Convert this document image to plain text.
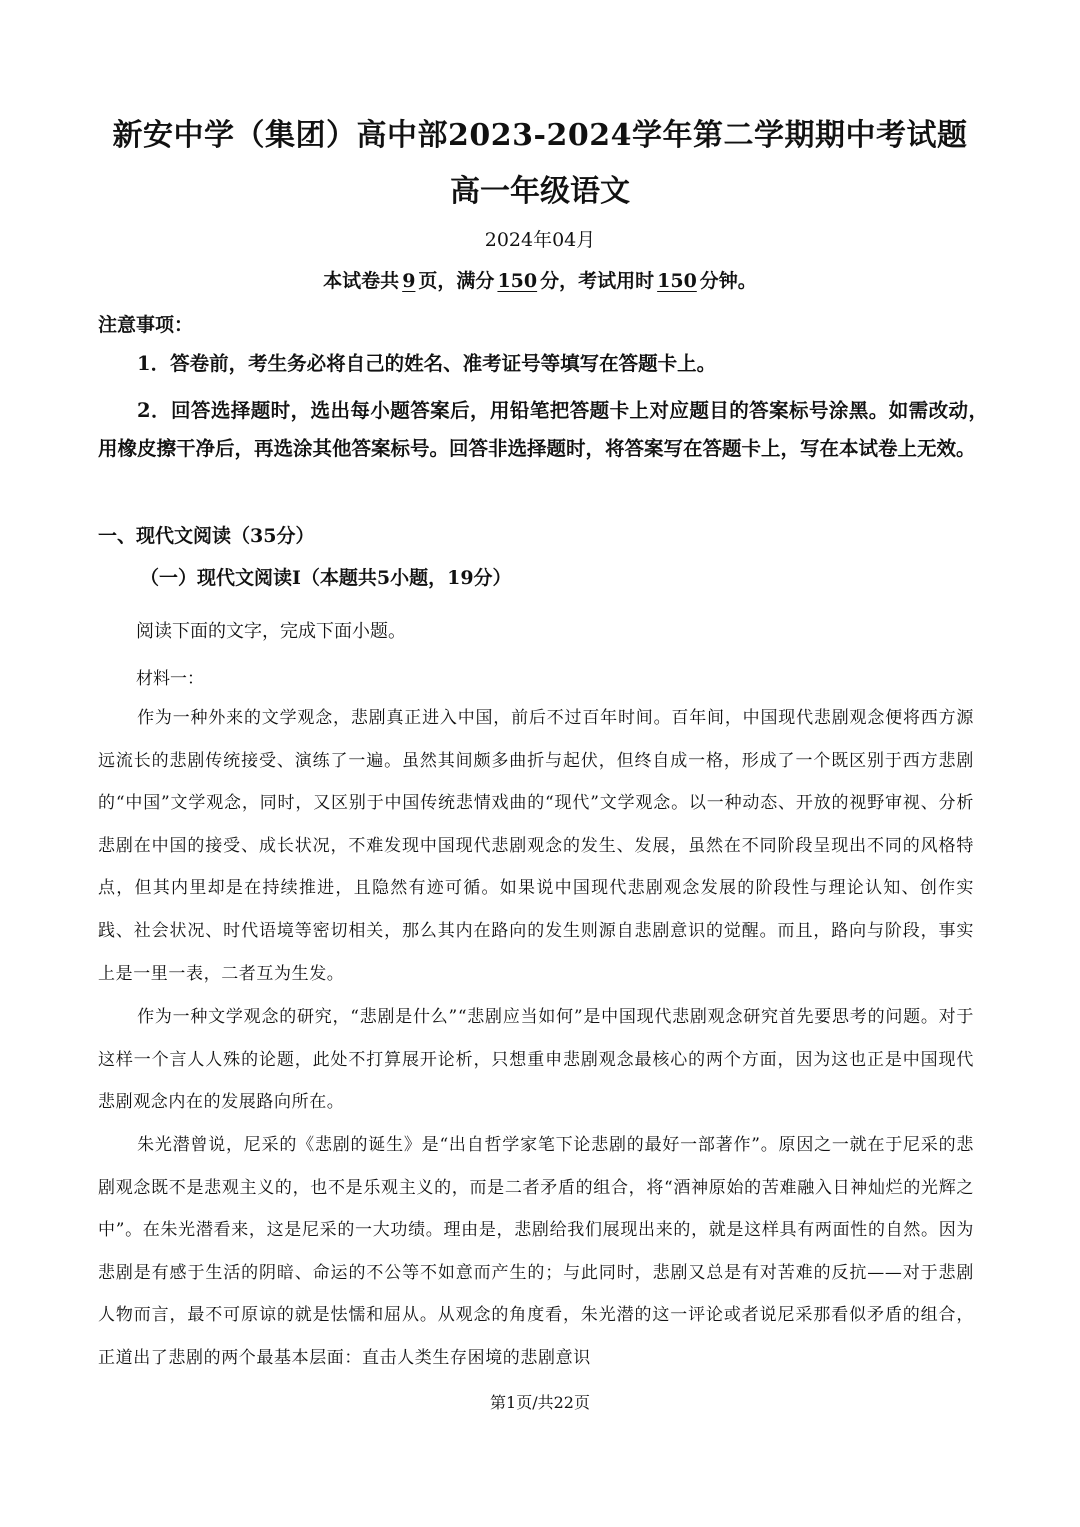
新安中学（集团）高中部2023-2024学年第二学期期中考试题
高一年级语文
2024年04月
本试卷共 9 页，满分 150 分，考试用时 150 分钟。
注意事项：

1．答卷前，考生务必将自己的姓名、准考证号等填写在答题卡上。

2．回答选择题时，选出每小题答案后，用铅笔把答题卡上对应题目的答案标号涂黑。如需改动，用橡皮擦干净后，再选涂其他答案标号。回答非选择题时，将答案写在答题卡上，写在本试卷上无效。

一、现代文阅读（35分）
（一）现代文阅读Ⅰ（本题共5小题，19分）

阅读下面的文字，完成下面小题。

材料一：

作为一种外来的文学观念，悲剧真正进入中国，前后不过百年时间。百年间，中国现代悲剧观念便将西方源远流长的悲剧传统接受、演练了一遍。虽然其间颇多曲折与起伏，但终自成一格，形成了一个既区别于西方悲剧的“中国”文学观念，同时，又区别于中国传统悲情戏曲的“现代”文学观念。以一种动态、开放的视野审视、分析悲剧在中国的接受、成长状况，不难发现中国现代悲剧观念的发生、发展，虽然在不同阶段呈现出不同的风格特点，但其内里却是在持续推进，且隐然有迹可循。如果说中国现代悲剧观念发展的阶段性与理论认知、创作实践、社会状况、时代语境等密切相关，那么其内在路向的发生则源自悲剧意识的觉醒。而且，路向与阶段，事实上是一里一表，二者互为生发。

作为一种文学观念的研究，“悲剧是什么”“悲剧应当如何”是中国现代悲剧观念研究首先要思考的问题。对于这样一个言人人殊的论题，此处不打算展开论析，只想重申悲剧观念最核心的两个方面，因为这也正是中国现代悲剧观念内在的发展路向所在。

朱光潜曾说，尼采的《悲剧的诞生》是“出自哲学家笔下论悲剧的最好一部著作”。原因之一就在于尼采的悲剧观念既不是悲观主义的，也不是乐观主义的，而是二者矛盾的组合，将“酒神原始的苦难融入日神灿烂的光辉之中”。在朱光潜看来，这是尼采的一大功绩。理由是，悲剧给我们展现出来的，就是这样具有两面性的自然。因为悲剧是有感于生活的阴暗、命运的不公等不如意而产生的；与此同时，悲剧又总是有对苦难的反抗——对于悲剧人物而言，最不可原谅的就是怯懦和屈从。从观念的角度看，朱光潜的这一评论或者说尼采那看似矛盾的组合，正道出了悲剧的两个最基本层面：直击人类生存困境的悲剧意识

第1页/共22页
